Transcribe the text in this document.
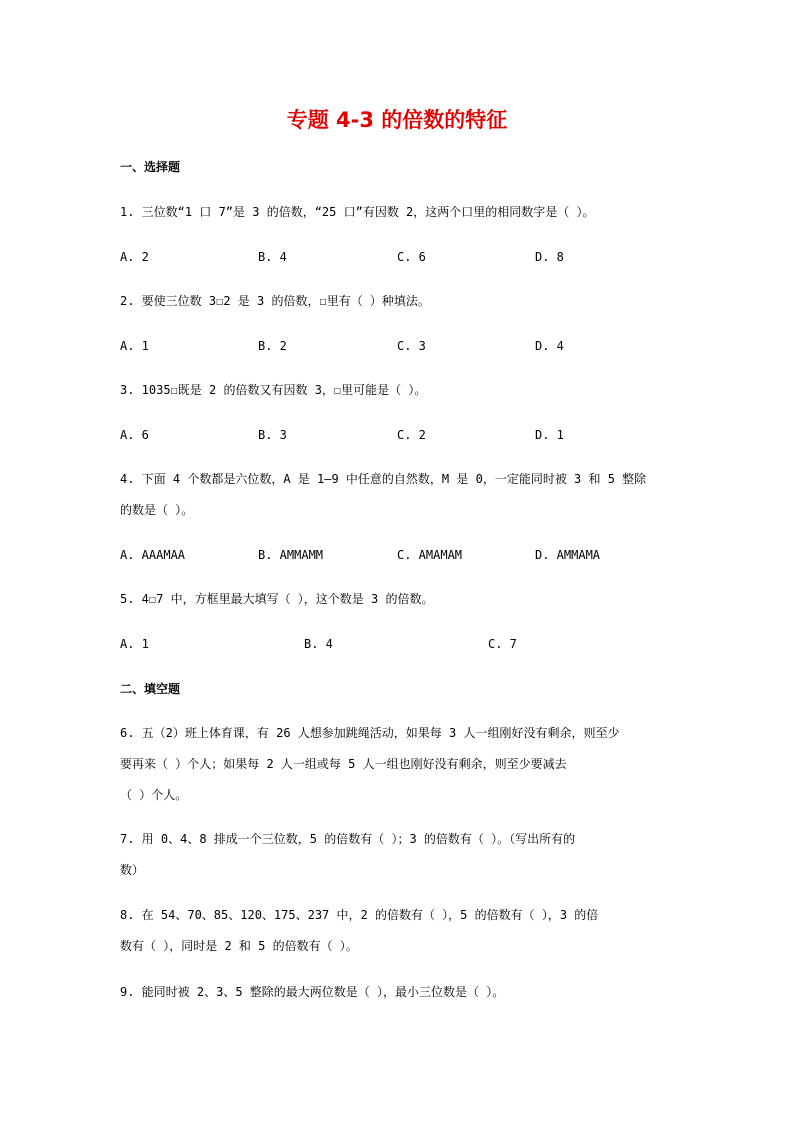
专题 4-3 的倍数的特征
一、选择题
1. 三位数“1 口 7”是 3 的倍数，“25 口”有因数 2，这两个口里的相同数字是（ ）。
A. 2	B. 4	C. 6	D. 8
2. 要使三位数 3☐2 是 3 的倍数，☐里有（ ）种填法。
A. 1	B. 2	C. 3	D. 4
3. 1035☐既是 2 的倍数又有因数 3，☐里可能是（ ）。
A. 6	B. 3	C. 2	D. 1
4. 下面 4 个数都是六位数，A 是 1—9 中任意的自然数，M 是 0，一定能同时被 3 和 5 整除
的数是（ ）。
A. AAAMAA	B. AMMAMM	C. AMAMAM	D. AMMAMA
5. 4☐7 中，方框里最大填写（ ），这个数是 3 的倍数。
A. 1	B. 4	C. 7
二、填空题
6. 五（2）班上体育课，有 26 人想参加跳绳活动，如果每 3 人一组刚好没有剩余，则至少
要再来（ ）个人；如果每 2 人一组或每 5 人一组也刚好没有剩余，则至少要减去
（ ）个人。
7. 用 0、4、8 排成一个三位数，5 的倍数有（ ）；3 的倍数有（ ）。（写出所有的
数）
8. 在 54、70、85、120、175、237 中，2 的倍数有（ ），5 的倍数有（ ），3 的倍
数有（ ），同时是 2 和 5 的倍数有（ ）。
9. 能同时被 2、3、5 整除的最大两位数是（ ），最小三位数是（ ）。
